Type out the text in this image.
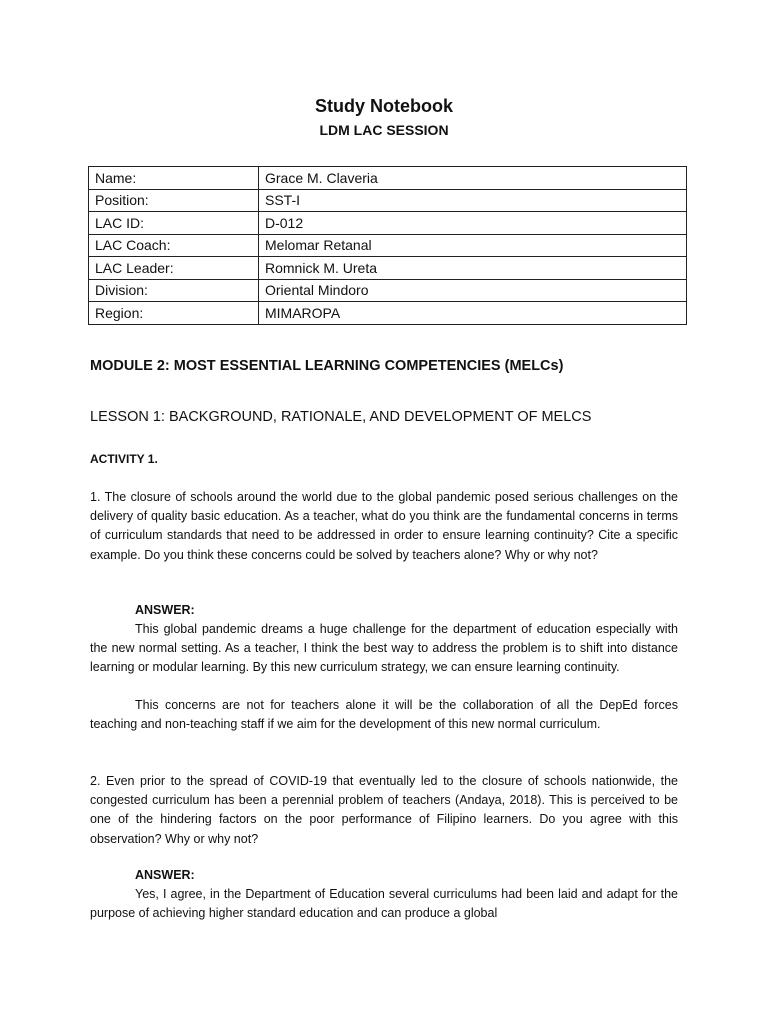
Study Notebook
LDM LAC SESSION
Name:	Grace M. Claveria
Position:	SST-I
LAC ID:	D-012
LAC Coach:	Melomar Retanal
LAC Leader:	Romnick M. Ureta
Division:	Oriental Mindoro
Region:	MIMAROPA
MODULE 2: MOST ESSENTIAL LEARNING COMPETENCIES (MELCs)
LESSON 1: BACKGROUND, RATIONALE, AND DEVELOPMENT OF MELCS
ACTIVITY 1.

1. The closure of schools around the world due to the global pandemic posed serious challenges on the delivery of quality basic education. As a teacher, what do you think are the fundamental concerns in terms of curriculum standards that need to be addressed in order to ensure learning continuity? Cite a specific example. Do you think these concerns could be solved by teachers alone? Why or why not?

ANSWER:

This global pandemic dreams a huge challenge for the department of education especially with the new normal setting. As a teacher, I think the best way to address the problem is to shift into distance learning or modular learning. By this new curriculum strategy, we can ensure learning continuity.

This concerns are not for teachers alone it will be the collaboration of all the DepEd forces teaching and non-teaching staff if we aim for the development of this new normal curriculum.

2. Even prior to the spread of COVID-19 that eventually led to the closure of schools nationwide, the congested curriculum has been a perennial problem of teachers (Andaya, 2018). This is perceived to be one of the hindering factors on the poor performance of Filipino learners. Do you agree with this observation? Why or why not?

ANSWER:

Yes, I agree, in the Department of Education several curriculums had been laid and adapt for the purpose of achieving higher standard education and can produce a global
